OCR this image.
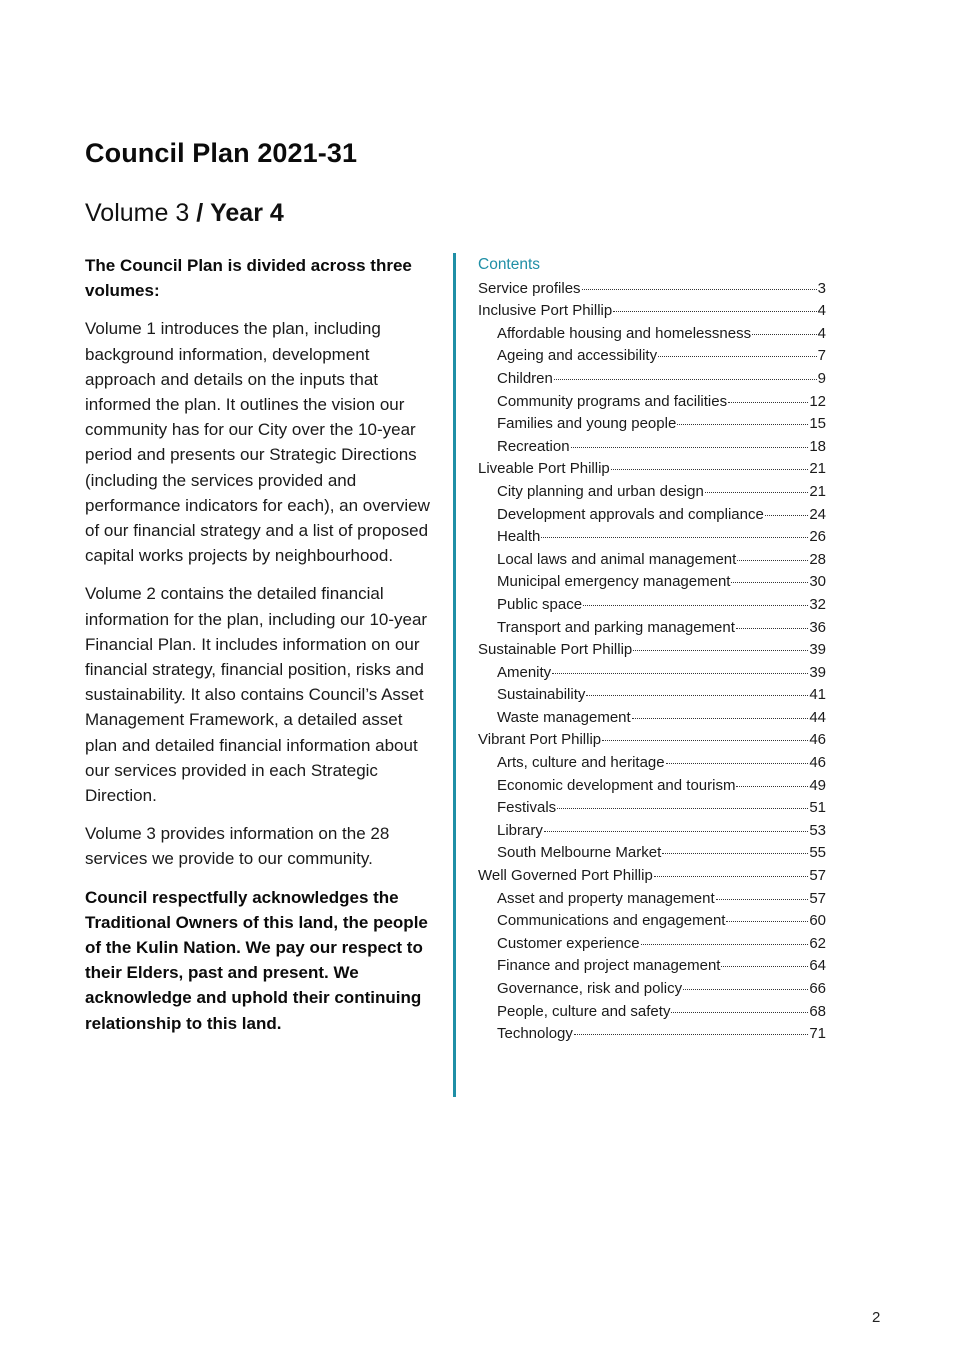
Council Plan 2021-31
Volume 3 / Year 4

The Council Plan is divided across three volumes:

Volume 1 introduces the plan, including background information, development approach and details on the inputs that informed the plan. It outlines the vision our community has for our City over the 10-year period and presents our Strategic Directions (including the services provided and performance indicators for each), an overview of our financial strategy and a list of proposed capital works projects by neighbourhood.

Volume 2 contains the detailed financial information for the plan, including our 10-year Financial Plan. It includes information on our financial strategy, financial position, risks and sustainability. It also contains Council’s Asset Management Framework, a detailed asset plan and detailed financial information about our services provided in each Strategic Direction.

Volume 3 provides information on the 28 services we provide to our community.

Council respectfully acknowledges the Traditional Owners of this land, the people of the Kulin Nation. We pay our respect to their Elders, past and present. We acknowledge and uphold their continuing relationship to this land.

Contents
Service profiles	3
Inclusive Port Phillip	4
Affordable housing and homelessness	4
Ageing and accessibility	7
Children	9
Community programs and facilities	12
Families and young people	15
Recreation	18
Liveable Port Phillip	21
City planning and urban design	21
Development approvals and compliance	24
Health	26
Local laws and animal management	28
Municipal emergency management	30
Public space	32
Transport and parking management	36
Sustainable Port Phillip	39
Amenity	39
Sustainability	41
Waste management	44
Vibrant Port Phillip	46
Arts, culture and heritage	46
Economic development and tourism	49
Festivals	51
Library	53
South Melbourne Market	55
Well Governed Port Phillip	57
Asset and property management	57
Communications and engagement	60
Customer experience	62
Finance and project management	64
Governance, risk and policy	66
People, culture and safety	68
Technology	71
2
